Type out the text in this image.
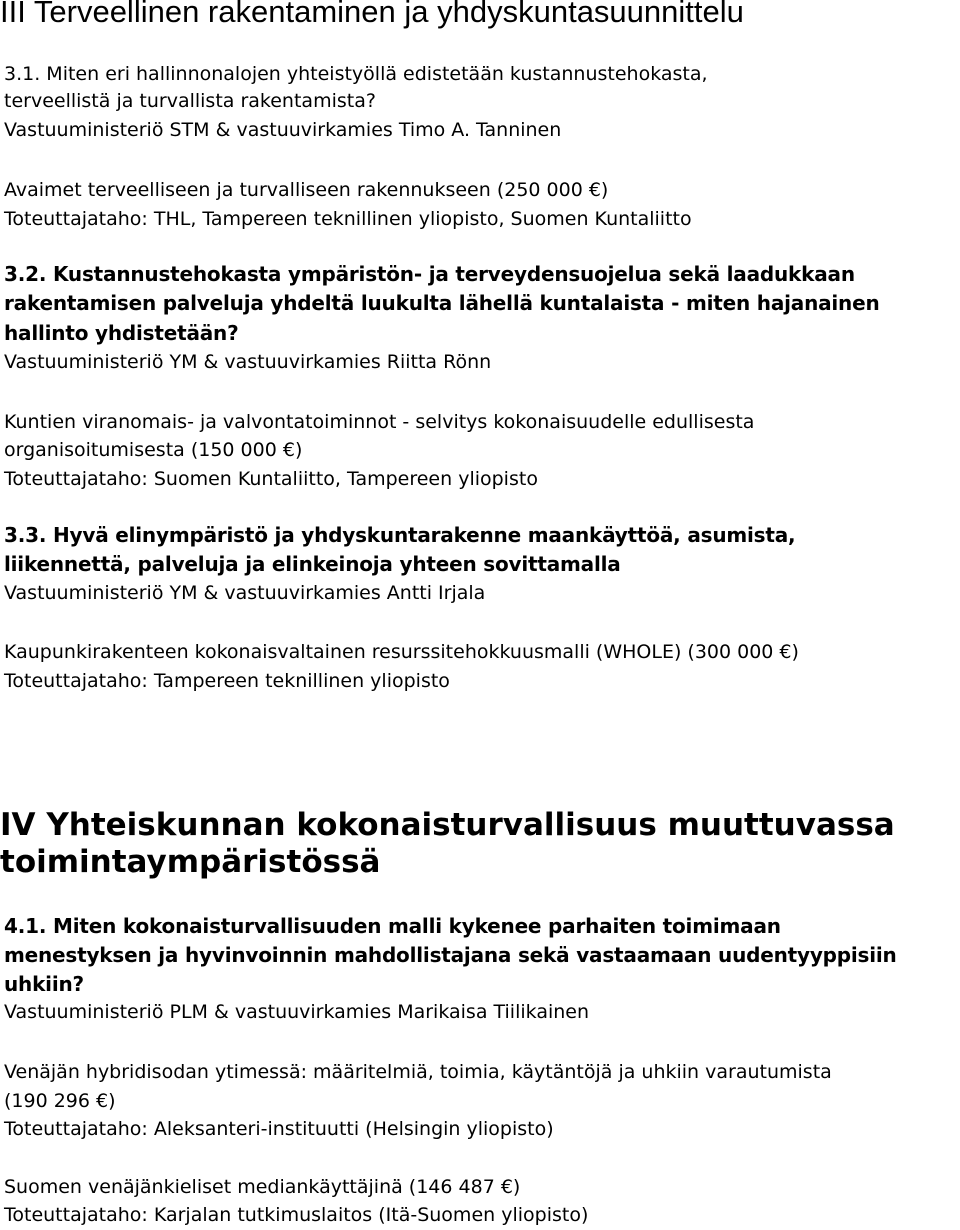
III Terveellinen rakentaminen ja yhdyskuntasuunnittelu
3.1. Miten eri hallinnonalojen yhteistyöllä edistetään kustannustehokasta,
terveellistä ja turvallista rakentamista?
Vastuuministeriö STM & vastuuvirkamies Timo A. Tanninen
Avaimet terveelliseen ja turvalliseen rakennukseen (250 000 €)
Toteuttajataho: THL, Tampereen teknillinen yliopisto, Suomen Kuntaliitto
3.2. Kustannustehokasta ympäristön- ja terveydensuojelua sekä laadukkaan
rakentamisen palveluja yhdeltä luukulta lähellä kuntalaista - miten hajanainen
hallinto yhdistetään?
Vastuuministeriö YM & vastuuvirkamies Riitta Rönn
Kuntien viranomais- ja valvontatoiminnot - selvitys kokonaisuudelle edullisesta
organisoitumisesta (150 000 €)
Toteuttajataho: Suomen Kuntaliitto, Tampereen yliopisto
3.3. Hyvä elinympäristö ja yhdyskuntarakenne maankäyttöä, asumista,
liikennettä, palveluja ja elinkeinoja yhteen sovittamalla
Vastuuministeriö YM & vastuuvirkamies Antti Irjala
Kaupunkirakenteen kokonaisvaltainen resurssitehokkuusmalli (WHOLE) (300 000 €)
Toteuttajataho: Tampereen teknillinen yliopisto
IV Yhteiskunnan kokonaisturvallisuus muuttuvassa
toimintaympäristössä
4.1. Miten kokonaisturvallisuuden malli kykenee parhaiten toimimaan
menestyksen ja hyvinvoinnin mahdollistajana sekä vastaamaan uudentyyppisiin
uhkiin?
Vastuuministeriö PLM & vastuuvirkamies Marikaisa Tiilikainen
Venäjän hybridisodan ytimessä: määritelmiä, toimia, käytäntöjä ja uhkiin varautumista
(190 296 €)
Toteuttajataho: Aleksanteri-instituutti (Helsingin yliopisto)
Suomen venäjänkieliset mediankäyttäjinä (146 487 €)
Toteuttajataho: Karjalan tutkimuslaitos (Itä-Suomen yliopisto)
